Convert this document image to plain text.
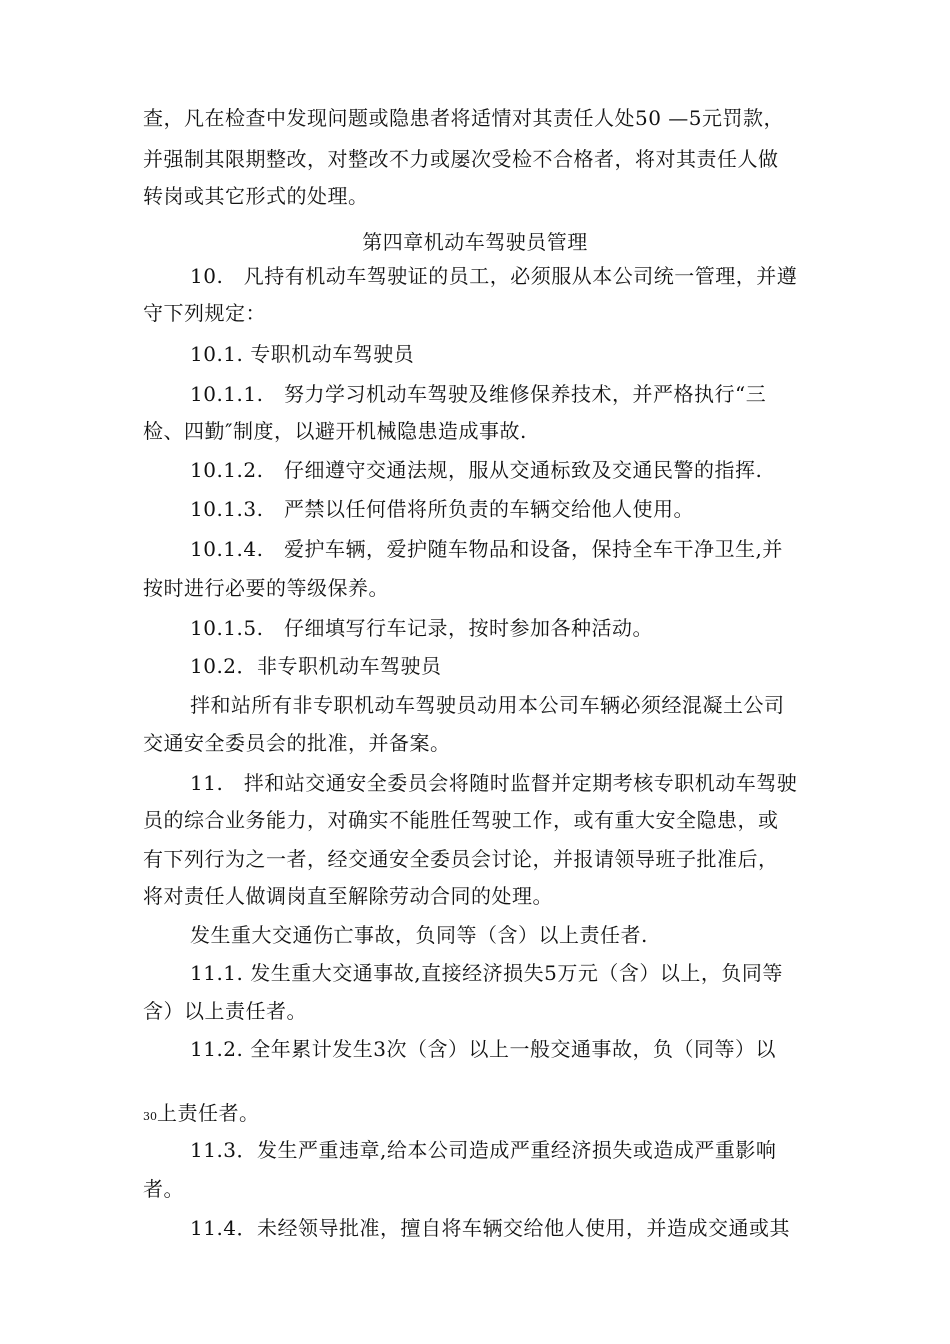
查，凡在检查中发现问题或隐患者将适情对其责任人处50 —5元罚款，
并强制其限期整改，对整改不力或屡次受检不合格者，将对其责任人做
转岗或其它形式的处理。
第四章机动车驾驶员管理
10.　凡持有机动车驾驶证的员工，必须服从本公司统一管理，并遵
守下列规定：
10.1. 专职机动车驾驶员
10.1.1.　努力学习机动车驾驶及维修保养技术，并严格执行“三
检、四勤″制度，以避开机械隐患造成事故.
10.1.2.　仔细遵守交通法规，服从交通标致及交通民警的指挥.
10.1.3.　严禁以任何借将所负责的车辆交给他人使用。
10.1.4.　爱护车辆，爱护随车物品和设备，保持全车干净卫生,并
按时进行必要的等级保养。
10.1.5.　仔细填写行车记录，按时参加各种活动。
10.2．非专职机动车驾驶员
拌和站所有非专职机动车驾驶员动用本公司车辆必须经混凝土公司
交通安全委员会的批准，并备案。
11.　拌和站交通安全委员会将随时监督并定期考核专职机动车驾驶
员的综合业务能力，对确实不能胜任驾驶工作，或有重大安全隐患，或
有下列行为之一者，经交通安全委员会讨论，并报请领导班子批准后，
将对责任人做调岗直至解除劳动合同的处理。
发生重大交通伤亡事故，负同等（含）以上责任者.
11.1. 发生重大交通事故,直接经济损失5万元（含）以上，负同等
含）以上责任者。
11.2. 全年累计发生3次（含）以上一般交通事故，负（同等）以
30上责任者。
11.3．发生严重违章,给本公司造成严重经济损失或造成严重影响
者。
11.4．未经领导批准，擅自将车辆交给他人使用，并造成交通或其
